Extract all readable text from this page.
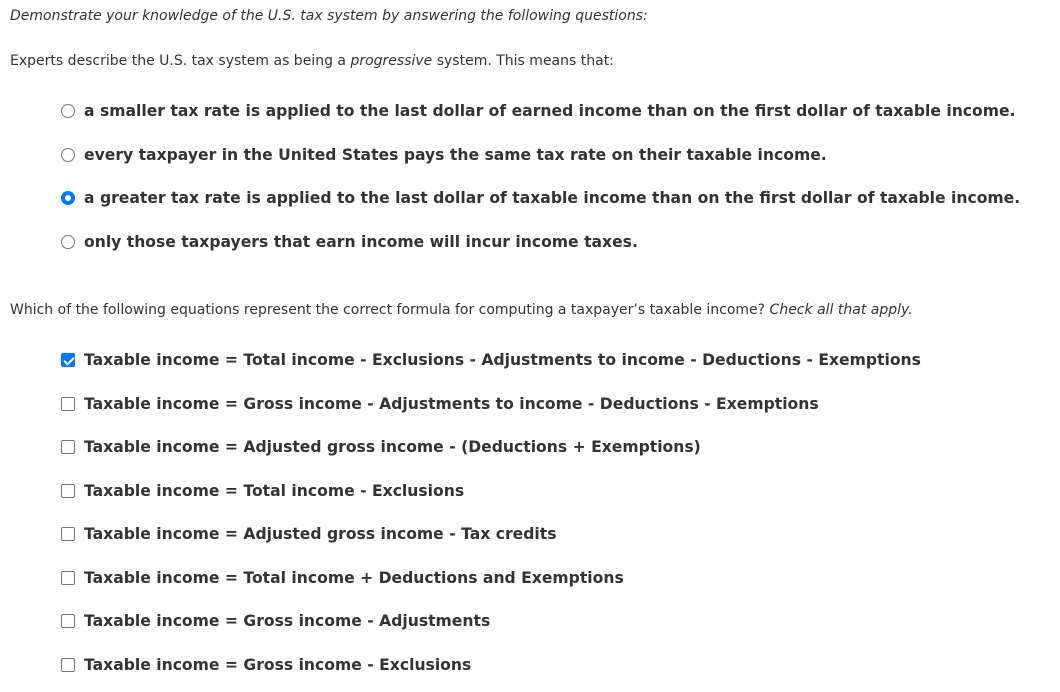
Demonstrate your knowledge of the U.S. tax system by answering the following questions:
Experts describe the U.S. tax system as being a progressive system. This means that:
a smaller tax rate is applied to the last dollar of earned income than on the first dollar of taxable income.
every taxpayer in the United States pays the same tax rate on their taxable income.
a greater tax rate is applied to the last dollar of taxable income than on the first dollar of taxable income.
only those taxpayers that earn income will incur income taxes.
Which of the following equations represent the correct formula for computing a taxpayer’s taxable income? Check all that apply.
Taxable income = Total income - Exclusions - Adjustments to income - Deductions - Exemptions
Taxable income = Gross income - Adjustments to income - Deductions - Exemptions
Taxable income = Adjusted gross income - (Deductions + Exemptions)
Taxable income = Total income - Exclusions
Taxable income = Adjusted gross income - Tax credits
Taxable income = Total income + Deductions and Exemptions
Taxable income = Gross income - Adjustments
Taxable income = Gross income - Exclusions
